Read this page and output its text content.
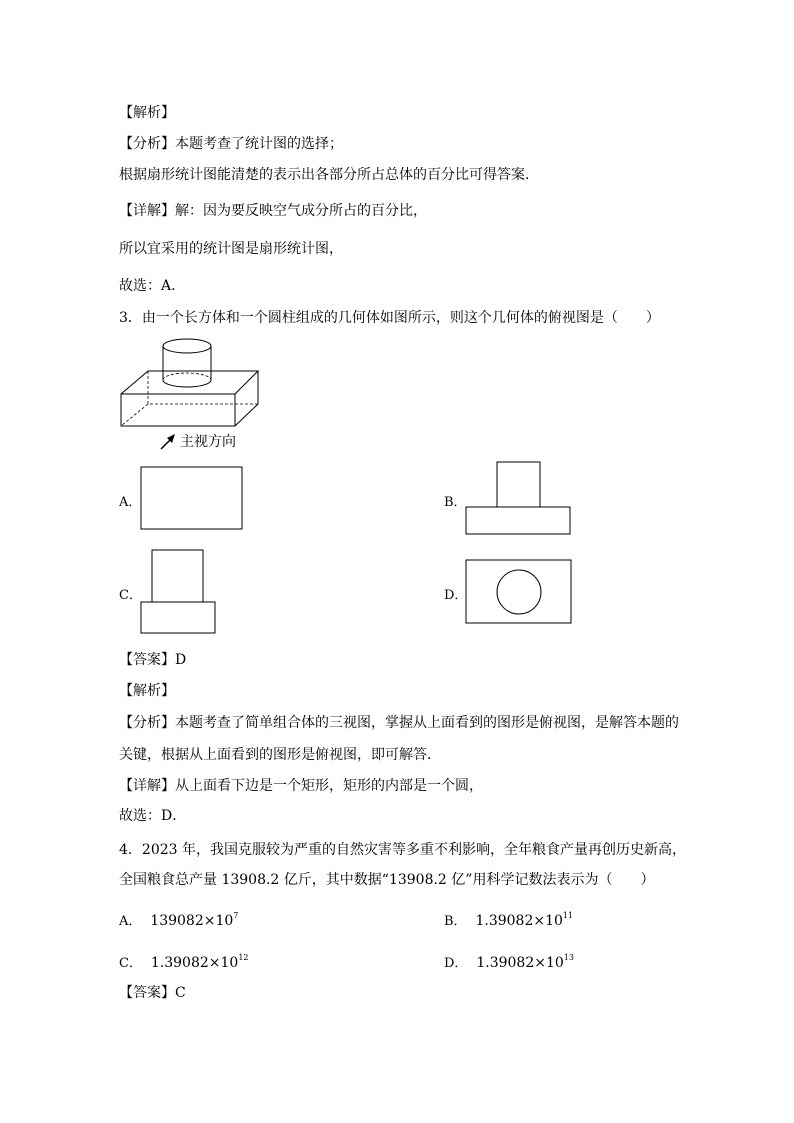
【解析】
【分析】本题考查了统计图的选择；
根据扇形统计图能清楚的表示出各部分所占总体的百分比可得答案．
【详解】解：因为要反映空气成分所占的百分比，
所以宜采用的统计图是扇形统计图，
故选：A．
3．由一个长方体和一个圆柱组成的几何体如图所示，则这个几何体的俯视图是（　　）
主视方向
A．	B．
C．	D．
【答案】D
【解析】
【分析】本题考查了简单组合体的三视图，掌握从上面看到的图形是俯视图，是解答本题的
关键，根据从上面看到的图形是俯视图，即可解答．
【详解】从上面看下边是一个矩形，矩形的内部是一个圆，
故选：D．
4．2023 年，我国克服较为严重的自然灾害等多重不利影响，全年粮食产量再创历史新高，
全国粮食总产量 13908.2 亿斤，其中数据“13908.2 亿”用科学记数法表示为（　　）
A． $139082\times 10^7$	B． $1.39082\times 10^{11}$
C． $1.39082\times 10^{12}$	D． $1.39082\times 10^{13}$
【答案】C
